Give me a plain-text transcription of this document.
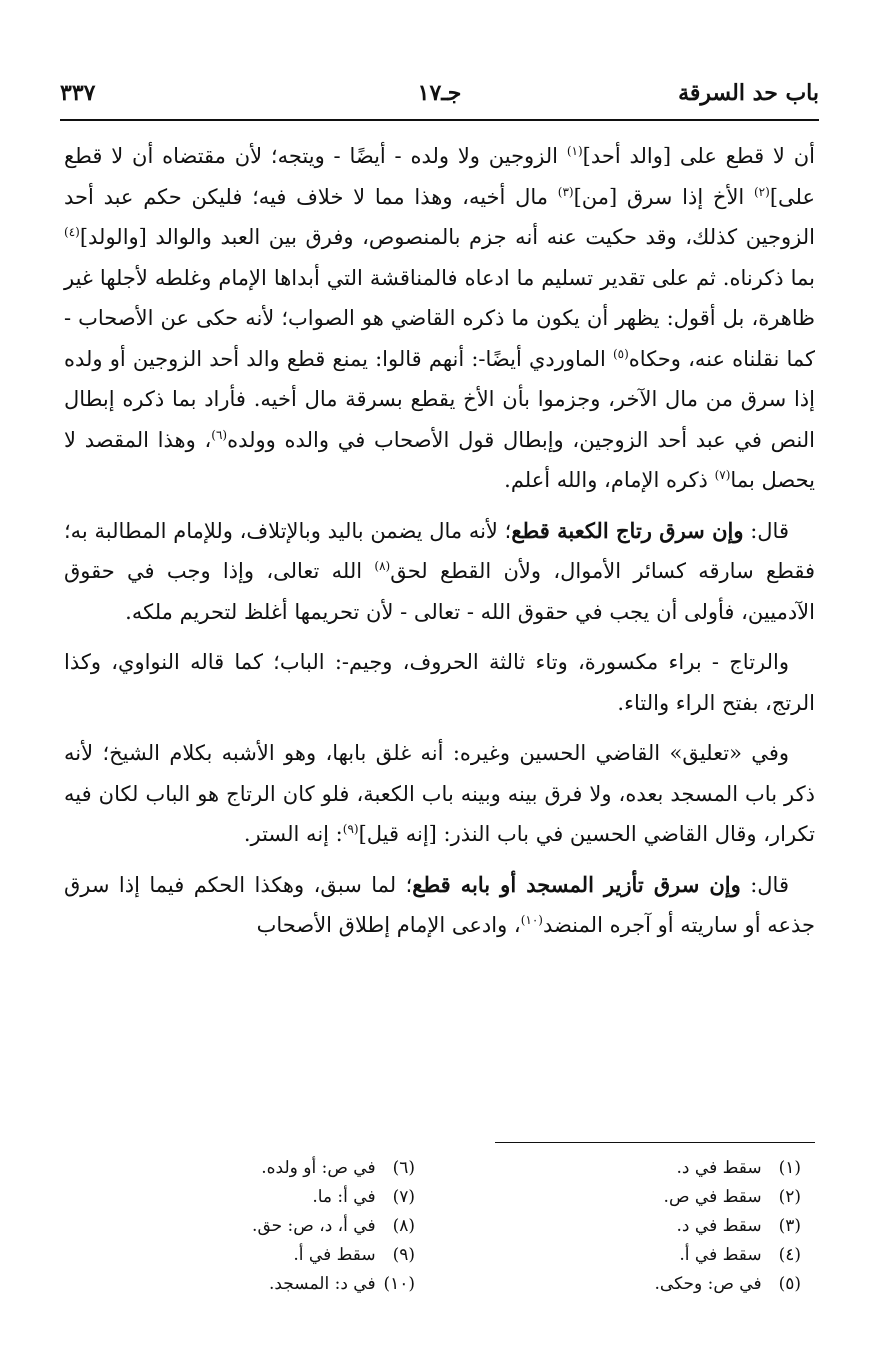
باب حد السرقة
جـ١٧
٣٣٧

أن لا قطع على [والد أحد]$^{(١)}$ الزوجين ولا ولده - أيضًا - ويتجه؛ لأن مقتضاه أن لا قطع على]$^{(٢)}$ الأخ إذا سرق [من]$^{(٣)}$ مال أخيه، وهذا مما لا خلاف فيه؛ فليكن حكم عبد أحد الزوجين كذلك، وقد حكيت عنه أنه جزم بالمنصوص، وفرق بين العبد والوالد [والولد]$^{(٤)}$ بما ذكرناه. ثم على تقدير تسليم ما ادعاه فالمناقشة التي أبداها الإمام وغلطه لأجلها غير ظاهرة، بل أقول: يظهر أن يكون ما ذكره القاضي هو الصواب؛ لأنه حكى عن الأصحاب - كما نقلناه عنه، وحكاه$^{(٥)}$ الماوردي أيضًا-: أنهم قالوا: يمنع قطع والد أحد الزوجين أو ولده إذا سرق من مال الآخر، وجزموا بأن الأخ يقطع بسرقة مال أخيه. فأراد بما ذكره إبطال النص في عبد أحد الزوجين، وإبطال قول الأصحاب في والده وولده$^{(٦)}$، وهذا المقصد لا يحصل بما$^{(٧)}$ ذكره الإمام، والله أعلم.

قال: وإن سرق رتاج الكعبة قطع؛ لأنه مال يضمن باليد وبالإتلاف، وللإمام المطالبة به؛ فقطع سارقه كسائر الأموال، ولأن القطع لحق$^{(٨)}$ الله تعالى، وإذا وجب في حقوق الآدميين، فأولى أن يجب في حقوق الله - تعالى - لأن تحريمها أغلظ لتحريم ملكه.

والرتاج - براء مكسورة، وتاء ثالثة الحروف، وجيم-: الباب؛ كما قاله النواوي، وكذا الرتج، بفتح الراء والتاء.

وفي «تعليق» القاضي الحسين وغيره: أنه غلق بابها، وهو الأشبه بكلام الشيخ؛ لأنه ذكر باب المسجد بعده، ولا فرق بينه وبينه باب الكعبة، فلو كان الرتاج هو الباب لكان فيه تكرار، وقال القاضي الحسين في باب النذر: [إنه قيل]$^{(٩)}$: إنه الستر.

قال: وإن سرق تأزير المسجد أو بابه قطع؛ لما سبق، وهكذا الحكم فيما إذا سرق جذعه أو ساريته أو آجره المنضد$^{(١٠)}$، وادعى الإمام إطلاق الأصحاب

(١) سقط في د.
(٢) سقط في ص.
(٣) سقط في د.
(٤) سقط في أ.
(٥) في ص: وحكى.
(٦) في ص: أو ولده.
(٧) في أ: ما.
(٨) في أ، د، ص: حق.
(٩) سقط في أ.
(١٠) في د: المسجد.
